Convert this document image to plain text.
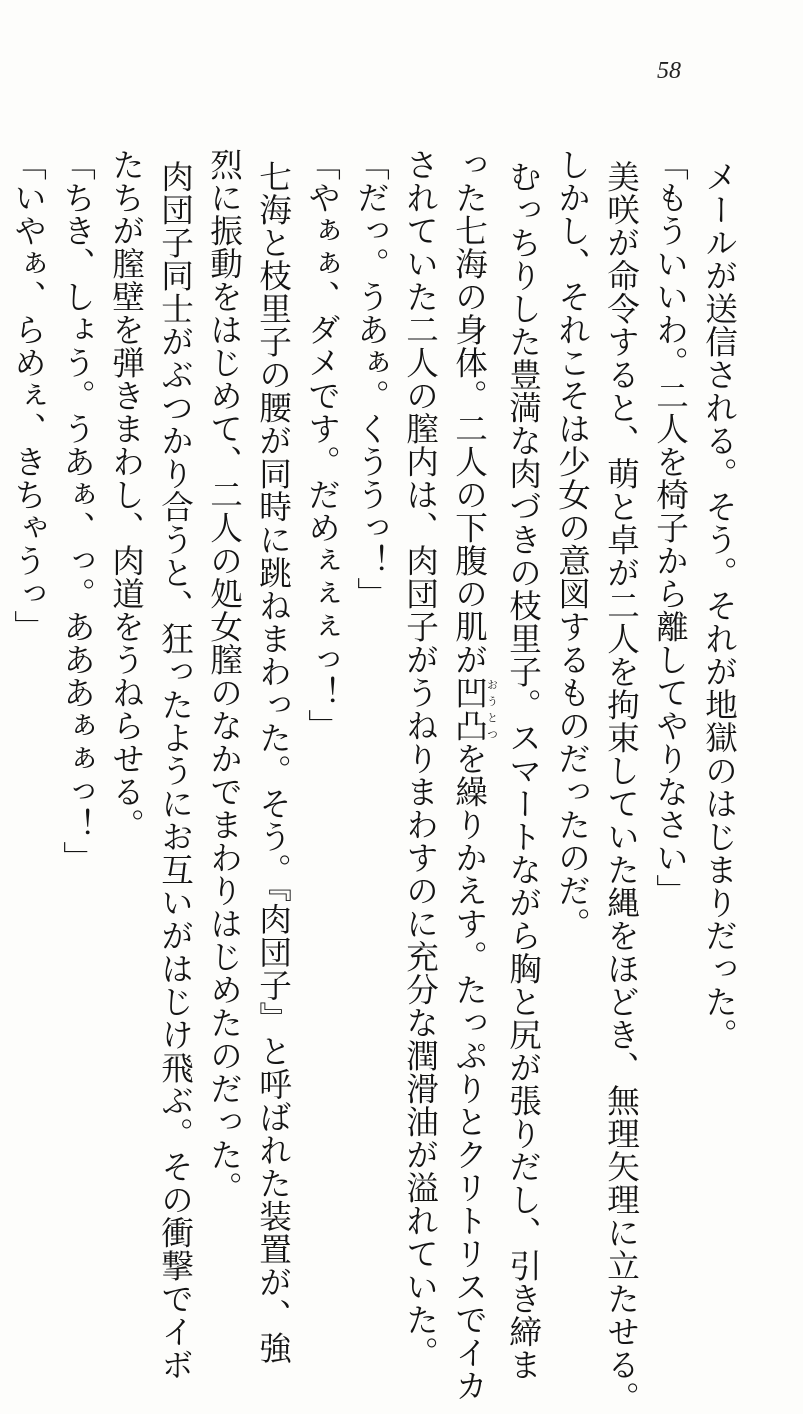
58
メールが送信される。そう。それが地獄のはじまりだった。
「もういいわ。二人を椅子から離してやりなさい」
美咲が命令すると、萌と卓が二人を拘束していた縄をほどき、無理矢理に立たせる。
しかし、それこそは少女の意図するものだったのだ。
むっちりした豊満な肉づきの枝里子。スマートながら胸と尻が張りだし、引き締ま
った七海の身体。二人の下腹の肌が凹凸おうとつを繰りかえす。たっぷりとクリトリスでイカ
されていた二人の膣内は、肉団子がうねりまわすのに充分な潤滑油が溢れていた。
「だっ。うあぁ。くううっ！」
「やぁぁ、ダメです。だめぇぇぇっ！」
七海と枝里子の腰が同時に跳ねまわった。そう。『肉団子』と呼ばれた装置が、強
烈に振動をはじめて、二人の処女膣のなかでまわりはじめたのだった。
肉団子同士がぶつかり合うと、狂ったようにお互いがはじけ飛ぶ。その衝撃でイボ
たちが膣壁を弾きまわし、肉道をうねらせる。
「ちき、しょう。うあぁ、っ。あああぁぁっ！」
「いやぁ、らめぇ、きちゃうっ」
